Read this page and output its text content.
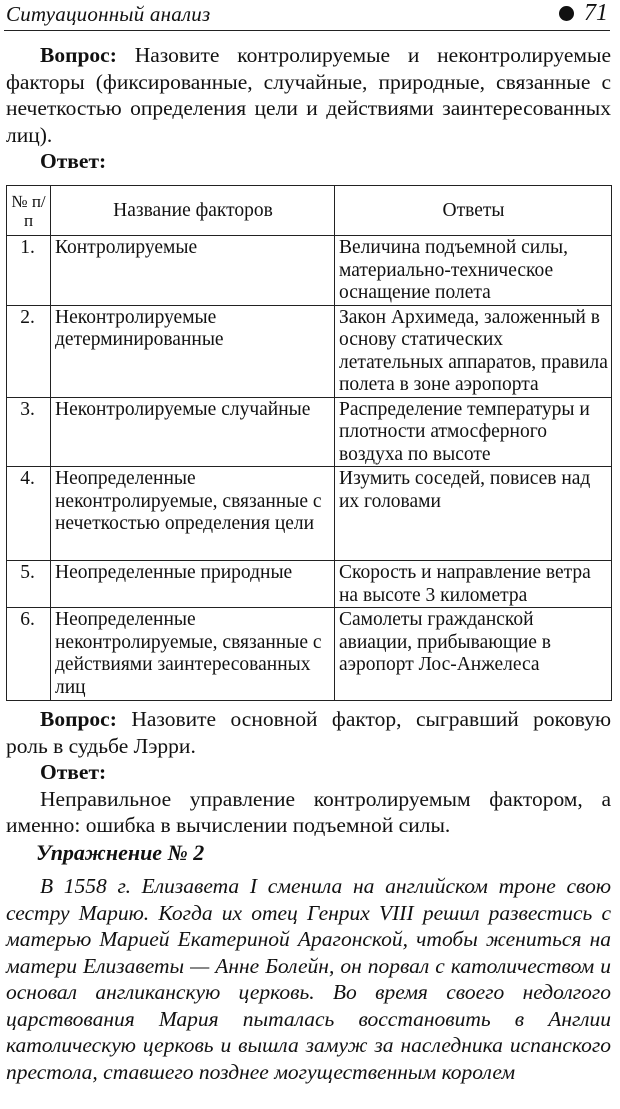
Ситуационный анализ	71
Вопрос: Назовите контролируемые и неконтролируемые факторы (фиксированные, случайные, природные, связанные с нечеткостью определения цели и действиями заинтересованных лиц).
Ответ:
№ п/п	Название факторов	Ответы
1.	Контролируемые	Величина подъемной силы, материально-техническое оснащение полета
2.	Неконтролируемые детерминированные	Закон Архимеда, заложенный в основу статических летательных аппаратов, правила полета в зоне аэропорта
3.	Неконтролируемые случайные	Распределение температуры и плотности атмосферного воздуха по высоте
4.	Неопределенные неконтролируемые, связанные с нечеткостью определения цели	Изумить соседей, повисев над их головами
5.	Неопределенные природные	Скорость и направление ветра на высоте 3 километра
6.	Неопределенные неконтролируемые, связанные с действиями заинтересованных лиц	Самолеты гражданской авиации, прибывающие в аэропорт Лос-Анжелеса
Вопрос: Назовите основной фактор, сыгравший роковую роль в судьбе Лэрри.
Ответ:
Неправильное управление контролируемым фактором, а именно: ошибка в вычислении подъемной силы.
Упражнение № 2
В 1558 г. Елизавета I сменила на английском троне свою сестру Марию. Когда их отец Генрих VIII решил развестись с матерью Марией Екатериной Арагонской, чтобы жениться на матери Елизаветы — Анне Болейн, он порвал с католичеством и основал англиканскую церковь. Во время своего недолгого царствования Мария пыталась восстановить в Англии католическую церковь и вышла замуж за наследника испанского престола, ставшего позднее могущественным королем
